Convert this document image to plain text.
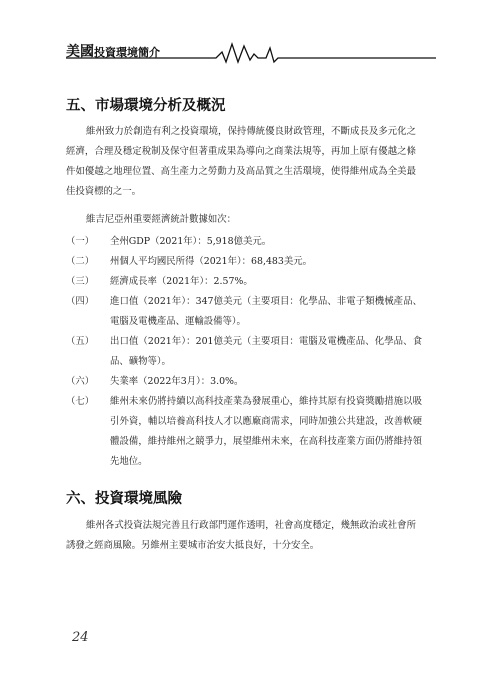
美國投資環境簡介
五、市場環境分析及概況
維州致力於創造有利之投資環境，保持傳統優良財政管理，不斷成長及多元化之經濟，合理及穩定稅制及保守但著重成果為導向之商業法規等，再加上原有優越之條件如優越之地理位置、高生產力之勞動力及高品質之生活環境，使得維州成為全美最佳投資標的之一。
維吉尼亞州重要經濟統計數據如次：
（一）	全州GDP（2021年）：5,918億美元。
（二）	州個人平均國民所得（2021年）：68,483美元。
（三）	經濟成長率（2021年）：2.57%。
（四）	進口值（2021年）：347億美元（主要項目：化學品、非電子類機械產品、電腦及電機產品、運輸設備等）。
（五）	出口值（2021年）：201億美元（主要項目：電腦及電機產品、化學品、食品、礦物等）。
（六）	失業率（2022年3月）：3.0%。
（七）	維州未來仍將持續以高科技產業為發展重心，維持其原有投資獎勵措施以吸引外資，輔以培養高科技人才以應廠商需求，同時加強公共建設，改善軟硬體設備，維持維州之競爭力，展望維州未來，在高科技產業方面仍將維持領先地位。
六、投資環境風險
維州各式投資法規完善且行政部門運作透明，社會高度穩定，幾無政治或社會所誘發之經商風險。另維州主要城市治安大抵良好，十分安全。
24
